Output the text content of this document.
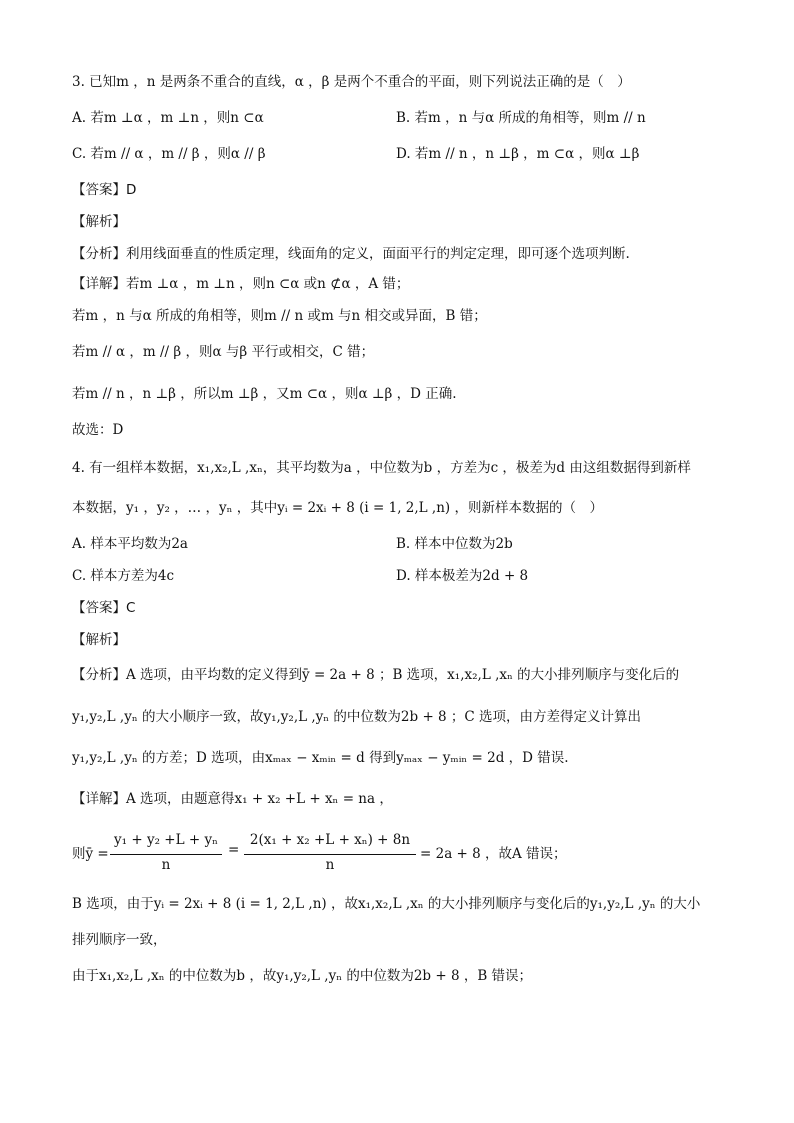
3. 已知m ，n 是两条不重合的直线，α ，β 是两个不重合的平面，则下列说法正确的是（　）
A. 若m ⊥α ，m ⊥n ，则n ⊂α	B. 若m ，n 与α 所成的角相等，则m // n
C. 若m // α ，m // β ，则α // β	D. 若m // n ，n ⊥β ，m ⊂α ，则α ⊥β
【答案】D
【解析】
【分析】利用线面垂直的性质定理，线面角的定义，面面平行的判定定理，即可逐个选项判断.
【详解】若m ⊥α ，m ⊥n ，则n ⊂α 或n ⊄α ，A 错；
若m ，n 与α 所成的角相等，则m // n 或m 与n 相交或异面，B 错；
若m // α ，m // β ，则α 与β 平行或相交，C 错；
若m // n ，n ⊥β ，所以m ⊥β ，又m ⊂α ，则α ⊥β ，D 正确.
故选：D
4. 有一组样本数据，x₁,x₂,L ,xₙ，其平均数为a ，中位数为b ，方差为c ，极差为d 由这组数据得到新样
本数据，y₁ ，y₂ ，… ，yₙ ，其中yᵢ = 2xᵢ + 8 (i = 1, 2,L ,n) ，则新样本数据的（　）
A. 样本平均数为2a	B. 样本中位数为2b
C. 样本方差为4c	D. 样本极差为2d + 8
【答案】C
【解析】
【分析】A 选项，由平均数的定义得到ȳ = 2a + 8 ；B 选项，x₁,x₂,L ,xₙ 的大小排列顺序与变化后的
y₁,y₂,L ,yₙ 的大小顺序一致，故y₁,y₂,L ,yₙ 的中位数为2b + 8 ；C 选项，由方差得定义计算出
y₁,y₂,L ,yₙ 的方差；D 选项，由xₘₐₓ − xₘᵢₙ = d 得到yₘₐₓ − yₘᵢₙ = 2d ，D 错误.
【详解】A 选项，由题意得x₁ + x₂ +L + xₙ = na ，
则ȳ =
y₁ + y₂ +L + yₙ
n
=
2(x₁ + x₂ +L + xₙ) + 8n
n
= 2a + 8 ，故A 错误；
B 选项，由于yᵢ = 2xᵢ + 8 (i = 1, 2,L ,n) ，故x₁,x₂,L ,xₙ 的大小排列顺序与变化后的y₁,y₂,L ,yₙ 的大小
排列顺序一致，
由于x₁,x₂,L ,xₙ 的中位数为b ，故y₁,y₂,L ,yₙ 的中位数为2b + 8 ，B 错误；
